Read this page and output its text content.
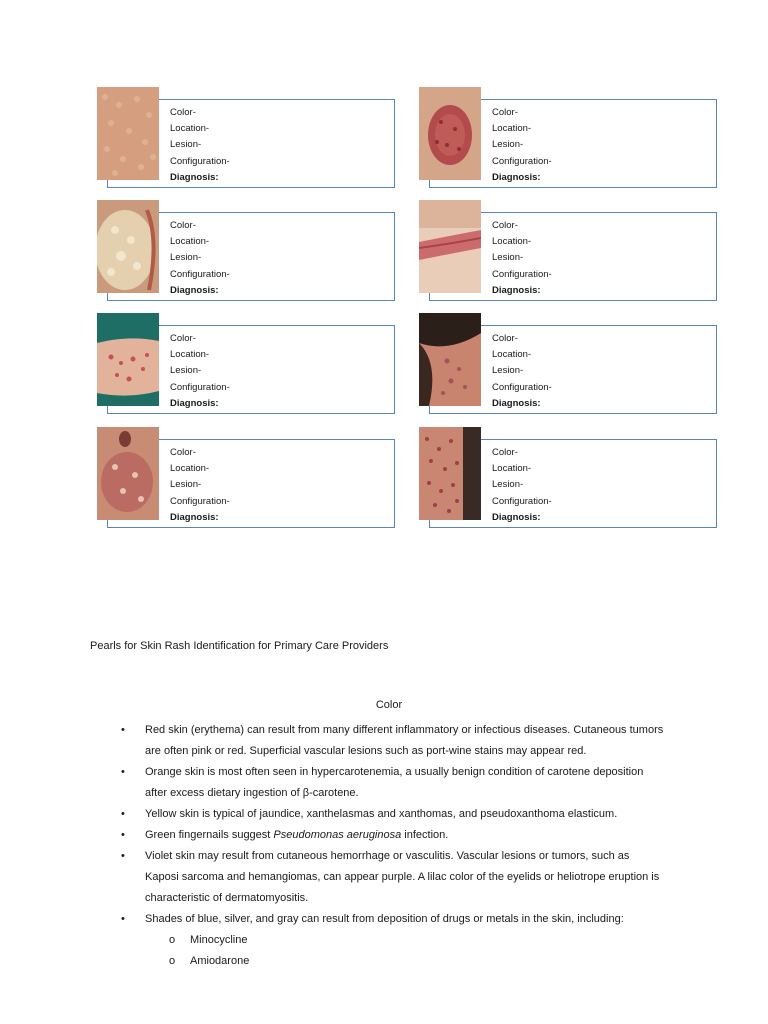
Color-
Location-
Lesion-
Configuration-
Diagnosis:
Color-
Location-
Lesion-
Configuration-
Diagnosis:
Color-
Location-
Lesion-
Configuration-
Diagnosis:
Color-
Location-
Lesion-
Configuration-
Diagnosis:
Color-
Location-
Lesion-
Configuration-
Diagnosis:
Color-
Location-
Lesion-
Configuration-
Diagnosis:
Color-
Location-
Lesion-
Configuration-
Diagnosis:
Color-
Location-
Lesion-
Configuration-
Diagnosis:
Pearls for Skin Rash Identification for Primary Care Providers
Color
• Red skin (erythema) can result from many different inflammatory or infectious diseases. Cutaneous tumors are often pink or red. Superficial vascular lesions such as port-wine stains may appear red.
• Orange skin is most often seen in hypercarotenemia, a usually benign condition of carotene deposition after excess dietary ingestion of β-carotene.
• Yellow skin is typical of jaundice, xanthelasmas and xanthomas, and pseudoxanthoma elasticum.
• Green fingernails suggest Pseudomonas aeruginosa infection.
• Violet skin may result from cutaneous hemorrhage or vasculitis. Vascular lesions or tumors, such as Kaposi sarcoma and hemangiomas, can appear purple. A lilac color of the eyelids or heliotrope eruption is characteristic of dermatomyositis.
• Shades of blue, silver, and gray can result from deposition of drugs or metals in the skin, including:
o Minocycline
o Amiodarone
